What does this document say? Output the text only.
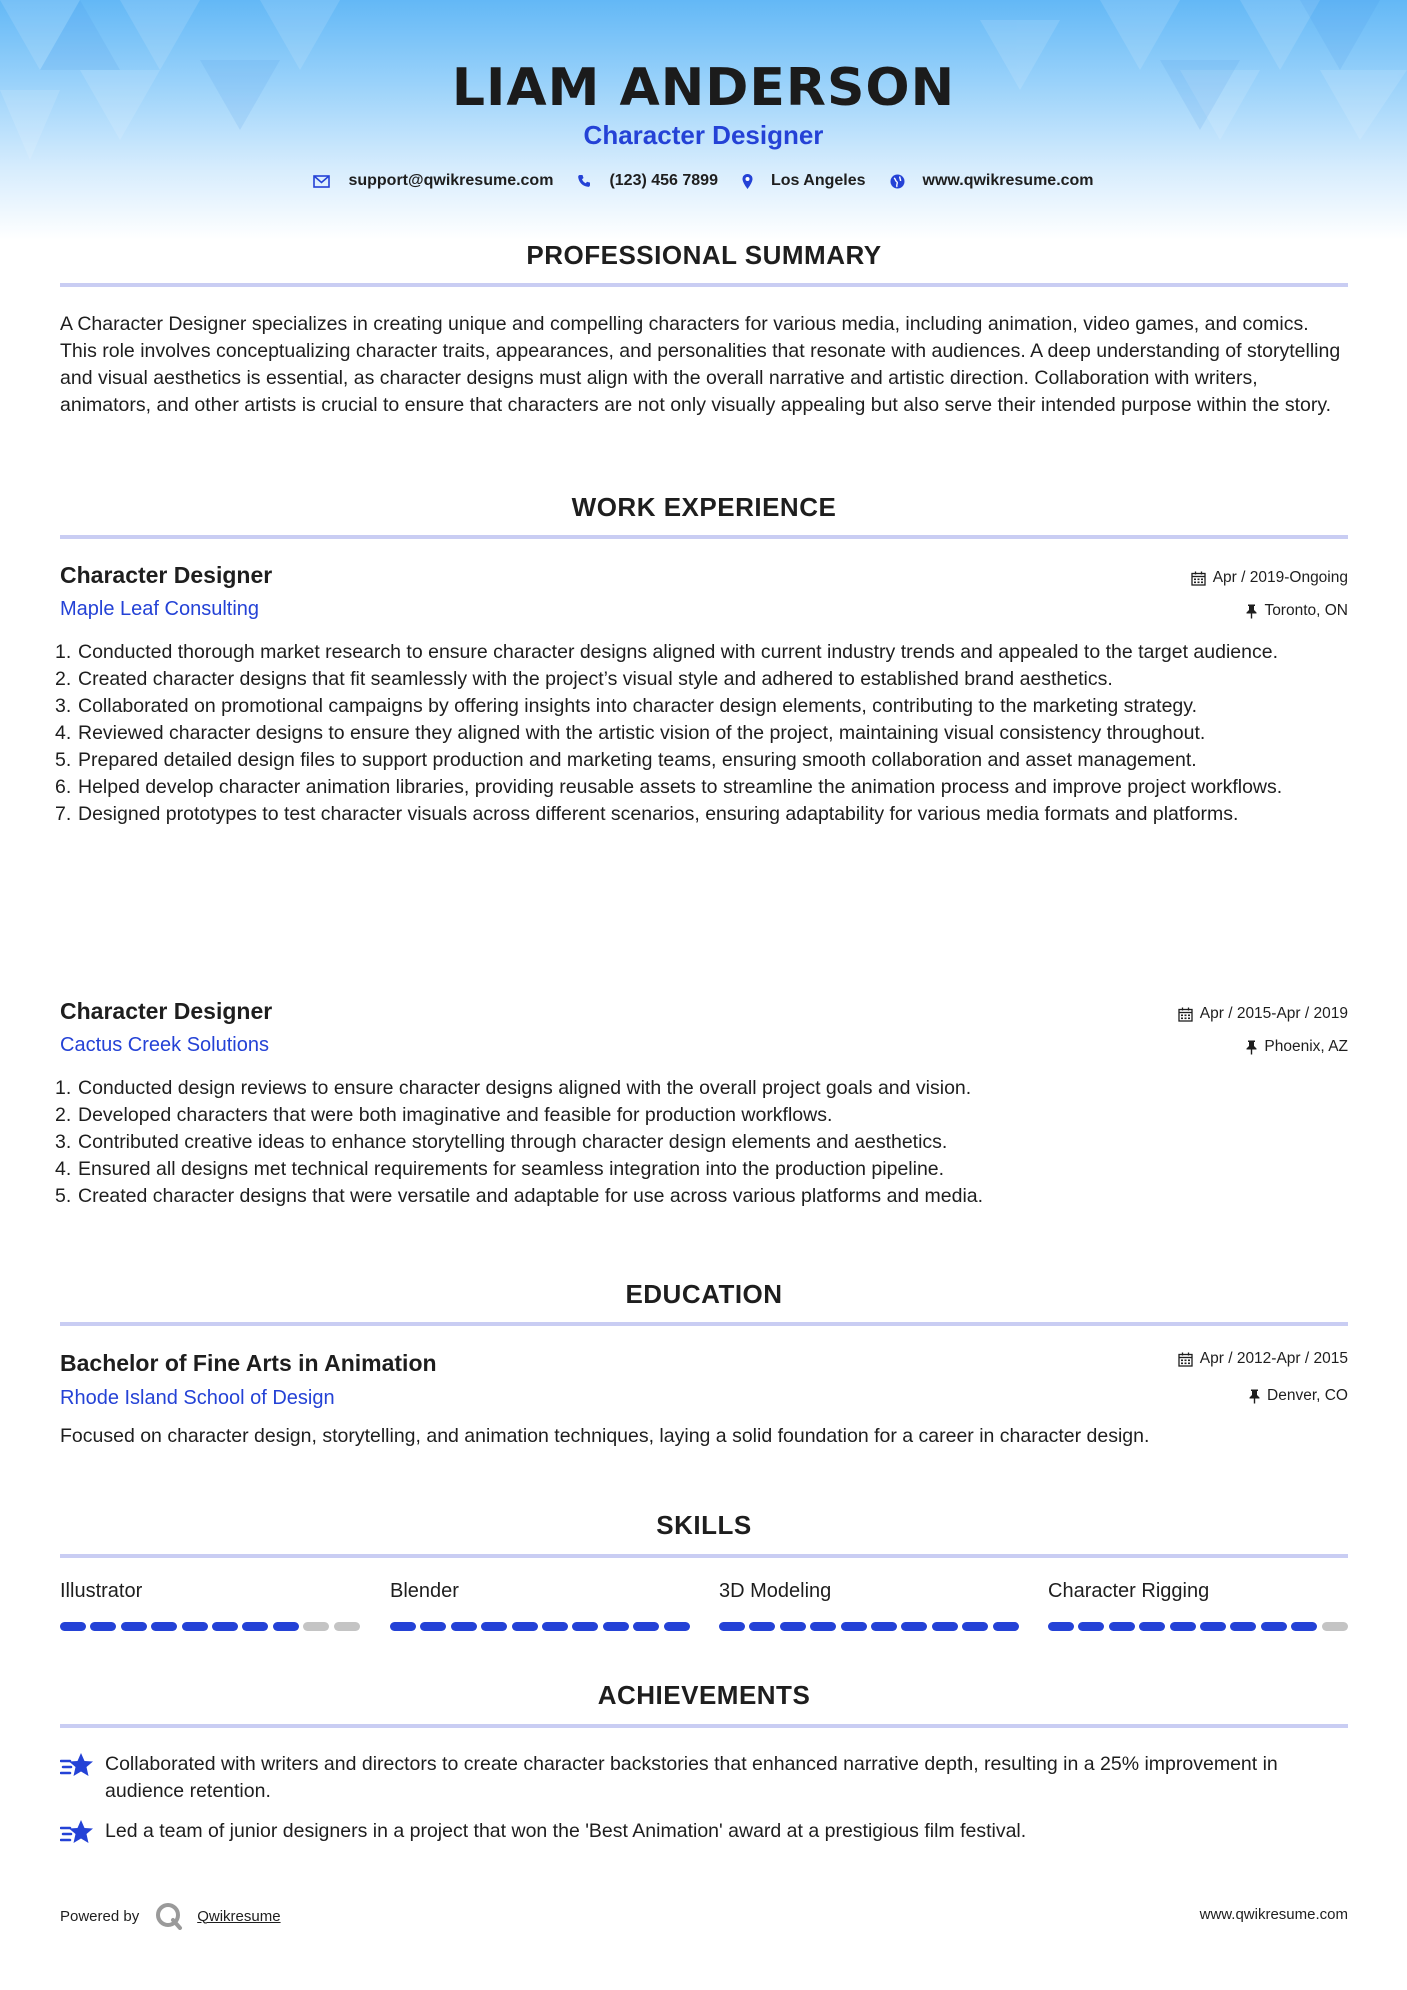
LIAM ANDERSON
Character Designer
support@qwikresume.com	(123) 456 7899	Los Angeles	www.qwikresume.com
PROFESSIONAL SUMMARY
A Character Designer specializes in creating unique and compelling characters for various media, including animation, video games, and comics. This role involves conceptualizing character traits, appearances, and personalities that resonate with audiences. A deep understanding of storytelling and visual aesthetics is essential, as character designs must align with the overall narrative and artistic direction. Collaboration with writers, animators, and other artists is crucial to ensure that characters are not only visually appealing but also serve their intended purpose within the story.
WORK EXPERIENCE
Character Designer
Maple Leaf Consulting
Apr / 2019-Ongoing
Toronto, ON
1. Conducted thorough market research to ensure character designs aligned with current industry trends and appealed to the target audience.
2. Created character designs that fit seamlessly with the project’s visual style and adhered to established brand aesthetics.
3. Collaborated on promotional campaigns by offering insights into character design elements, contributing to the marketing strategy.
4. Reviewed character designs to ensure they aligned with the artistic vision of the project, maintaining visual consistency throughout.
5. Prepared detailed design files to support production and marketing teams, ensuring smooth collaboration and asset management.
6. Helped develop character animation libraries, providing reusable assets to streamline the animation process and improve project workflows.
7. Designed prototypes to test character visuals across different scenarios, ensuring adaptability for various media formats and platforms.
Character Designer
Cactus Creek Solutions
Apr / 2015-Apr / 2019
Phoenix, AZ
1. Conducted design reviews to ensure character designs aligned with the overall project goals and vision.
2. Developed characters that were both imaginative and feasible for production workflows.
3. Contributed creative ideas to enhance storytelling through character design elements and aesthetics.
4. Ensured all designs met technical requirements for seamless integration into the production pipeline.
5. Created character designs that were versatile and adaptable for use across various platforms and media.
EDUCATION
Bachelor of Fine Arts in Animation
Rhode Island School of Design
Apr / 2012-Apr / 2015
Denver, CO
Focused on character design, storytelling, and animation techniques, laying a solid foundation for a career in character design.
SKILLS
Illustrator	Blender	3D Modeling	Character Rigging
ACHIEVEMENTS
Collaborated with writers and directors to create character backstories that enhanced narrative depth, resulting in a 25% improvement in audience retention.
Led a team of junior designers in a project that won the 'Best Animation' award at a prestigious film festival.
Powered by	Qwikresume	www.qwikresume.com
